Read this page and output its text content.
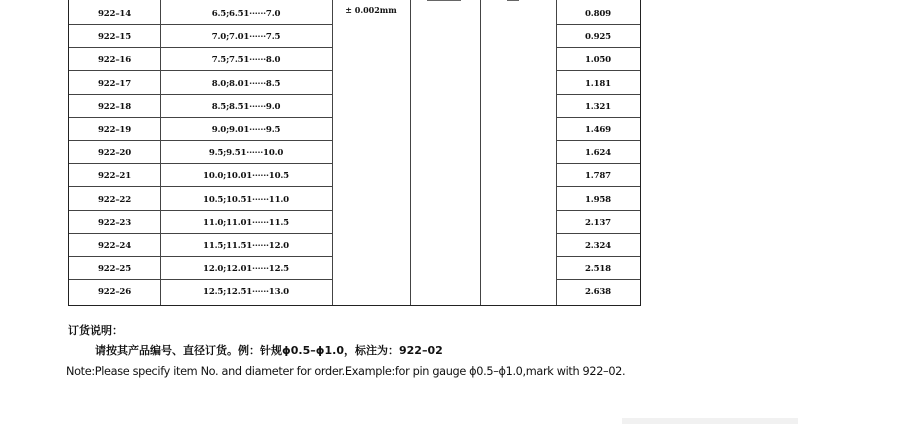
± 0.002mm
922–14	6.5;6.51······7.0	0.809
922–15	7.0;7.01······7.5	0.925
922–16	7.5;7.51······8.0	1.050
922–17	8.0;8.01······8.5	1.181
922–18	8.5;8.51······9.0	1.321
922–19	9.0;9.01······9.5	1.469
922–20	9.5;9.51······10.0	1.624
922–21	10.0;10.01······10.5	1.787
922–22	10.5;10.51······11.0	1.958
922–23	11.0;11.01······11.5	2.137
922–24	11.5;11.51······12.0	2.324
922–25	12.0;12.01······12.5	2.518
922–26	12.5;12.51······13.0	2.638
订货说明：
请按其产品编号、直径订货。例：针规ϕ0.5–ϕ1.0，标注为：922–02
Note:Please specify item No. and diameter for order.Example:for pin gauge ϕ0.5–ϕ1.0,mark with 922–02.
